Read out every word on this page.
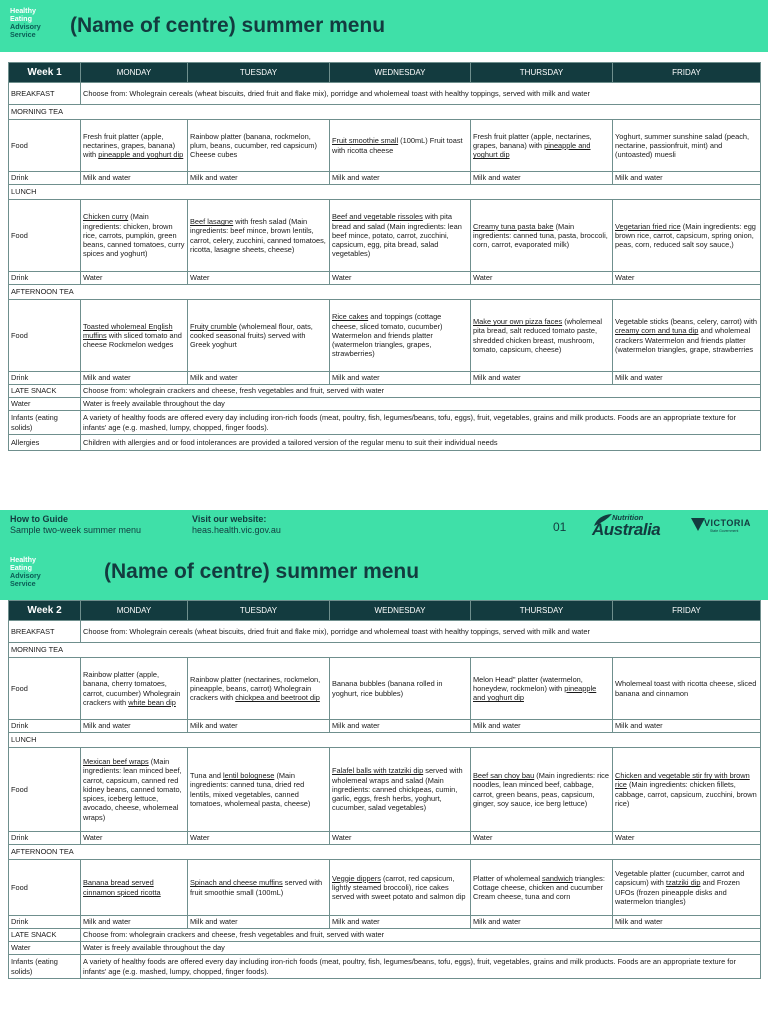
Healthy
Eating
Advisory
Service	(Name of centre) summer menu
Week 1	MONDAY	TUESDAY	WEDNESDAY	THURSDAY	FRIDAY
BREAKFAST	Choose from: Wholegrain cereals (wheat biscuits, dried fruit and flake mix), porridge and wholemeal toast with healthy toppings, served with milk and water				
MORNING TEA					
Food	Fresh fruit platter (apple, nectarines, grapes, banana) with pineapple and yoghurt dip	Rainbow platter (banana, rockmelon, plum, beans, cucumber, red capsicum) Cheese cubes	Fruit smoothie small (100mL) Fruit toast with ricotta cheese	Fresh fruit platter (apple, nectarines, grapes, banana) with pineapple and yoghurt dip	Yoghurt, summer sunshine salad (peach, nectarine, passionfruit, mint) and (untoasted) muesli
Drink	Milk and water	Milk and water	Milk and water	Milk and water	Milk and water
LUNCH					
Food	Chicken curry (Main ingredients: chicken, brown rice, carrots, pumpkin, green beans, canned tomatoes, curry spices and yoghurt)	Beef lasagne with fresh salad (Main ingredients: beef mince, brown lentils, carrot, celery, zucchini, canned tomatoes, ricotta, lasagne sheets, cheese)	Beef and vegetable rissoles with pita bread and salad (Main ingredients: lean beef mince, potato, carrot, zucchini, capsicum, egg, pita bread, salad vegetables)	Creamy tuna pasta bake (Main ingredients: canned tuna, pasta, broccoli, corn, carrot, evaporated milk)	Vegetarian fried rice (Main ingredients: egg brown rice, carrot, capsicum, spring onion, peas, corn, reduced salt soy sauce,)
Drink	Water	Water	Water	Water	Water
AFTERNOON TEA					
Food	Toasted wholemeal English muffins with sliced tomato and cheese Rockmelon wedges	Fruity crumble (wholemeal flour, oats, cooked seasonal fruits) served with Greek yoghurt	Rice cakes and toppings (cottage cheese, sliced tomato, cucumber) Watermelon and friends platter (watermelon triangles, grapes, strawberries)	Make your own pizza faces (wholemeal pita bread, salt reduced tomato paste, shredded chicken breast, mushroom, tomato, capsicum, cheese)	Vegetable sticks (beans, celery, carrot) with creamy corn and tuna dip and wholemeal crackers Watermelon and friends platter (watermelon triangles, grape, strawberries
Drink	Milk and water	Milk and water	Milk and water	Milk and water	Milk and water
LATE SNACK	Choose from: wholegrain crackers and cheese, fresh vegetables and fruit, served with water				
Water	Water is freely available throughout the day				
Infants (eating solids)	A variety of healthy foods are offered every day including iron-rich foods (meat, poultry, fish, legumes/beans, tofu, eggs), fruit, vegetables, grains and milk products. Foods are an appropriate texture for infants' age (e.g. mashed, lumpy, chopped, finger foods).				
Allergies	Children with allergies and or food intolerances are provided a tailored version of the regular menu to suit their individual needs				
How to Guide
Sample two-week summer menu
Visit our website:
heas.health.vic.gov.au	01
Nutrition
Australia	VICTORIA
State Government
Healthy
Eating
Advisory
Service
(Name of centre) summer menu
Week 2	MONDAY	TUESDAY	WEDNESDAY	THURSDAY	FRIDAY
BREAKFAST	Choose from: Wholegrain cereals (wheat biscuits, dried fruit and flake mix), porridge and wholemeal toast with healthy toppings, served with milk and water				
MORNING TEA					
Food	Rainbow platter (apple, banana, cherry tomatoes, carrot, cucumber) Wholegrain crackers with white bean dip	Rainbow platter (nectarines, rockmelon, pineapple, beans, carrot) Wholegrain crackers with chickpea and beetroot dip	Banana bubbles (banana rolled in yoghurt, rice bubbles)	Melon Head" platter (watermelon, honeydew, rockmelon) with pineapple and yoghurt dip	Wholemeal toast with ricotta cheese, sliced banana and cinnamon
Drink	Milk and water	Milk and water	Milk and water	Milk and water	Milk and water
LUNCH					
Food	Mexican beef wraps (Main ingredients: lean minced beef, carrot, capsicum, canned red kidney beans, canned tomato, spices, iceberg lettuce, avocado, cheese, wholemeal wraps)	Tuna and lentil bolognese (Main ingredients: canned tuna, dried red lentils, mixed vegetables, canned tomatoes, wholemeal pasta, cheese)	Falafel balls with tzatziki dip served with wholemeal wraps and salad (Main ingredients: canned chickpeas, cumin, garlic, eggs, fresh herbs, yoghurt, cucumber, salad vegetables)	Beef san choy bau (Main ingredients: rice noodles, lean minced beef, cabbage, carrot, green beans, peas, capsicum, ginger, soy sauce, ice berg lettuce)	Chicken and vegetable stir fry with brown rice (Main ingredients: chicken fillets, cabbage, carrot, capsicum, zucchini, brown rice)
Drink	Water	Water	Water	Water	Water
AFTERNOON TEA					
Food	Banana bread served cinnamon spiced ricotta	Spinach and cheese muffins served with fruit smoothie small (100mL)	Veggie dippers (carrot, red capsicum, lightly steamed broccoli), rice cakes served with sweet potato and salmon dip	Platter of wholemeal sandwich triangles: Cottage cheese, chicken and cucumber Cream cheese, tuna and corn	Vegetable platter (cucumber, carrot and capsicum) with tzatziki dip and Frozen UFOs (frozen pineapple disks and watermelon triangles)
Drink	Milk and water	Milk and water	Milk and water	Milk and water	Milk and water
LATE SNACK	Choose from: wholegrain crackers and cheese, fresh vegetables and fruit, served with water				
Water	Water is freely available throughout the day				
Infants (eating solids)	A variety of healthy foods are offered every day including iron-rich foods (meat, poultry, fish, legumes/beans, tofu, eggs), fruit, vegetables, grains and milk products. Foods are an appropriate texture for infants' age (e.g. mashed, lumpy, chopped, finger foods).				
